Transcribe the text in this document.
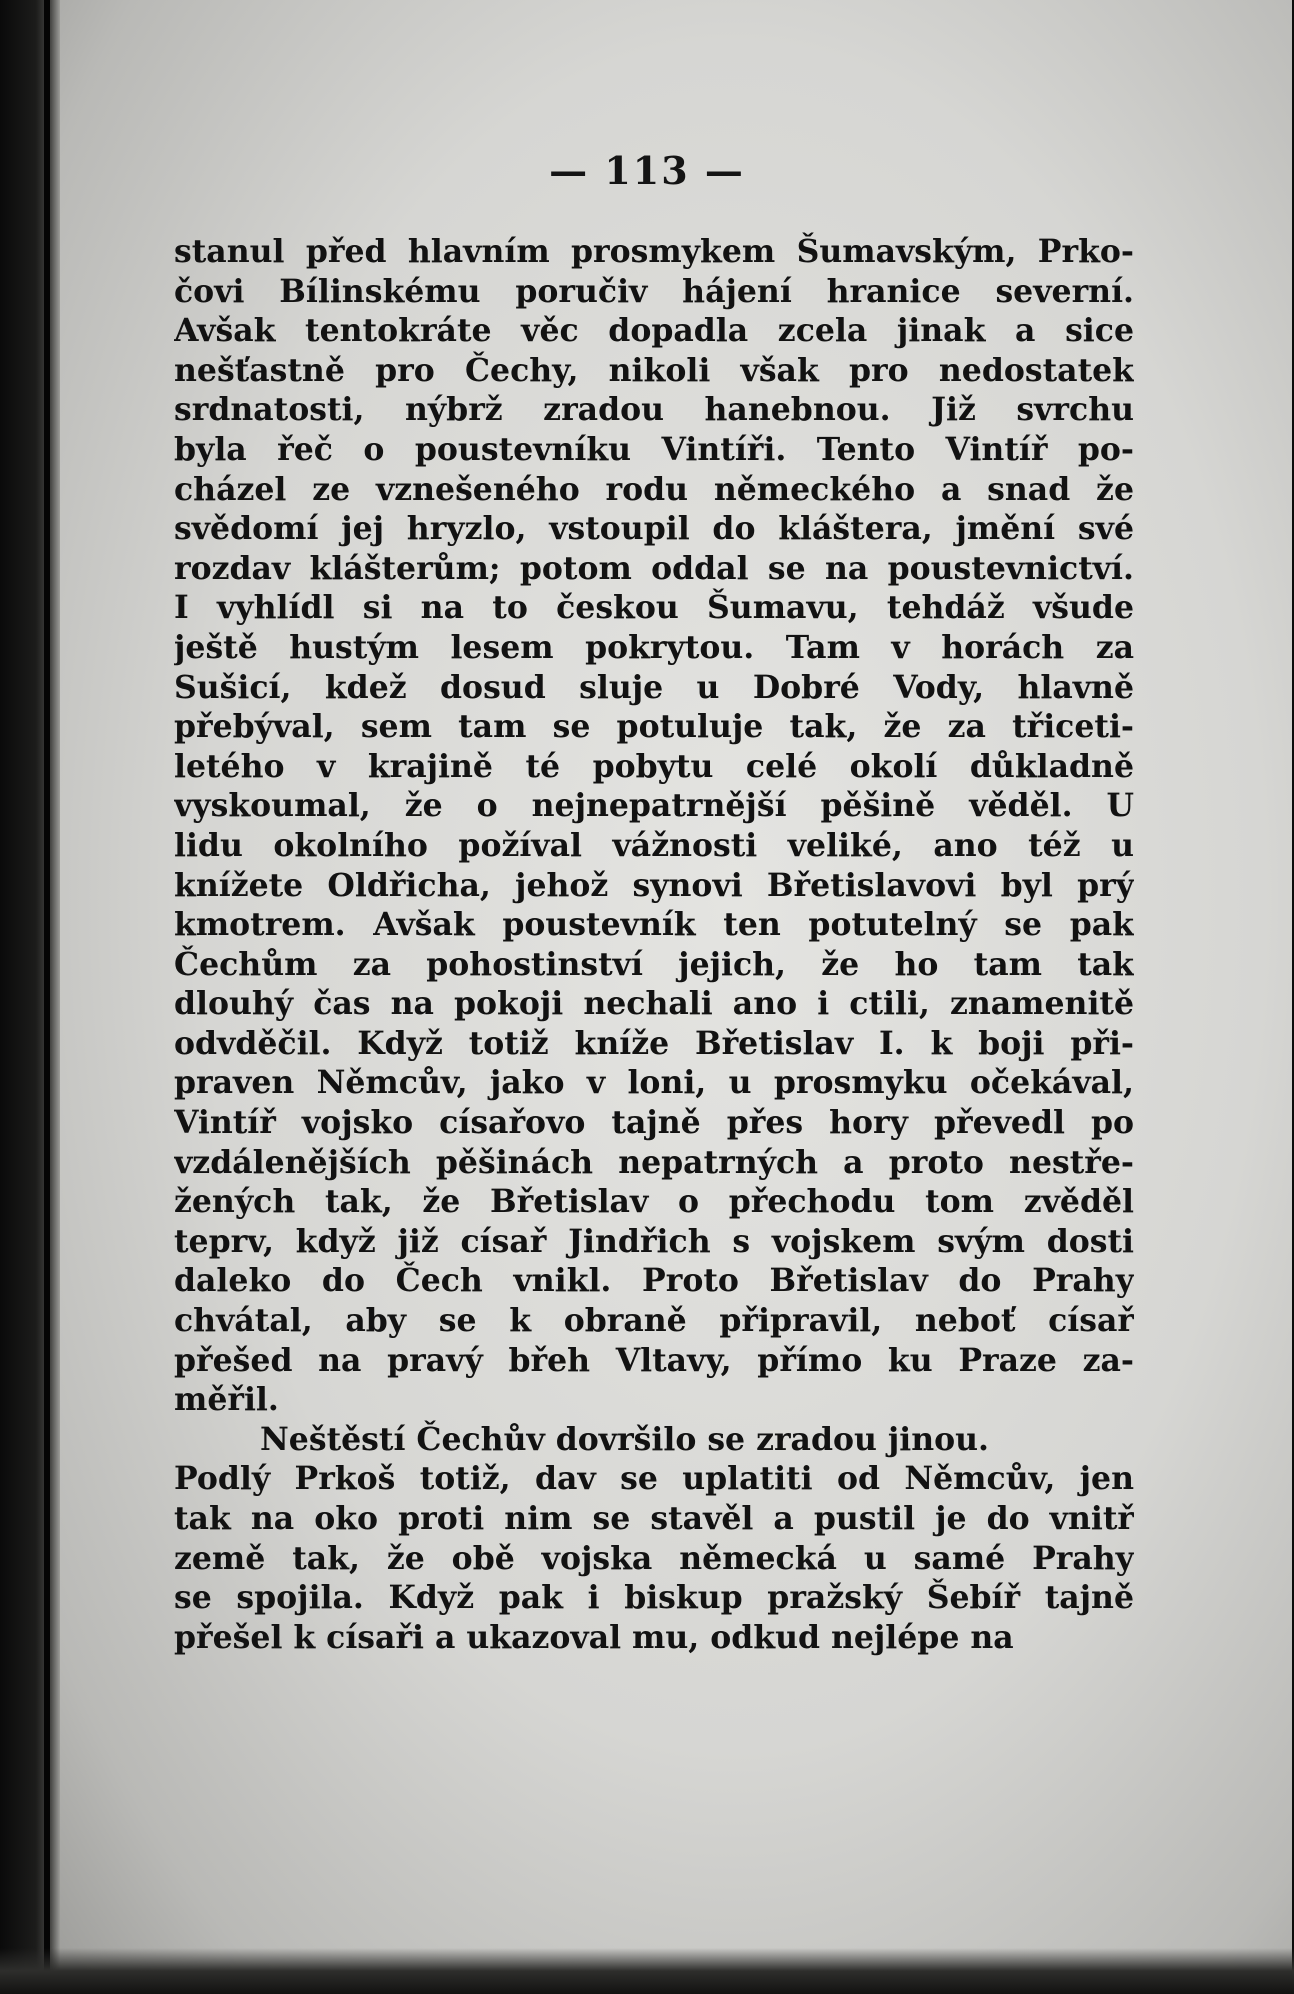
— 113 —
stanul před hlavním prosmykem Šumavským, Prko-
čovi Bílinskému poručiv hájení hranice severní.
Avšak tentokráte věc dopadla zcela jinak a sice
nešťastně pro Čechy, nikoli však pro nedostatek
srdnatosti, nýbrž zradou hanebnou. Již svrchu
byla řeč o poustevníku Vintíři. Tento Vintíř po-
cházel ze vznešeného rodu německého a snad že
svědomí jej hryzlo, vstoupil do kláštera, jmění své
rozdav klášterům; potom oddal se na poustevnictví.
I vyhlídl si na to českou Šumavu, tehdáž všude
ještě hustým lesem pokrytou. Tam v horách za
Sušicí, kdež dosud sluje u Dobré Vody, hlavně
přebýval, sem tam se potuluje tak, že za třiceti-
letého v krajině té pobytu celé okolí důkladně
vyskoumal, že o nejnepatrnější pěšině věděl. U
lidu okolního požíval vážnosti veliké, ano též u
knížete Oldřicha, jehož synovi Břetislavovi byl prý
kmotrem. Avšak poustevník ten potutelný se pak
Čechům za pohostinství jejich, že ho tam tak
dlouhý čas na pokoji nechali ano i ctili, znamenitě
odvděčil. Když totiž kníže Břetislav I. k boji při-
praven Němcův, jako v loni, u prosmyku očekával,
Vintíř vojsko císařovo tajně přes hory převedl po
vzdálenějších pěšinách nepatrných a proto nestře-
žených tak, že Břetislav o přechodu tom zvěděl
teprv, když již císař Jindřich s vojskem svým dosti
daleko do Čech vnikl. Proto Břetislav do Prahy
chvátal, aby se k obraně připravil, neboť císař
přešed na pravý břeh Vltavy, přímo ku Praze za-
měřil.
Neštěstí Čechův dovršilo se zradou jinou.
Podlý Prkoš totiž, dav se uplatiti od Němcův, jen
tak na oko proti nim se stavěl a pustil je do vnitř
země tak, že obě vojska německá u samé Prahy
se spojila. Když pak i biskup pražský Šebíř tajně
přešel k císaři a ukazoval mu, odkud nejlépe na
